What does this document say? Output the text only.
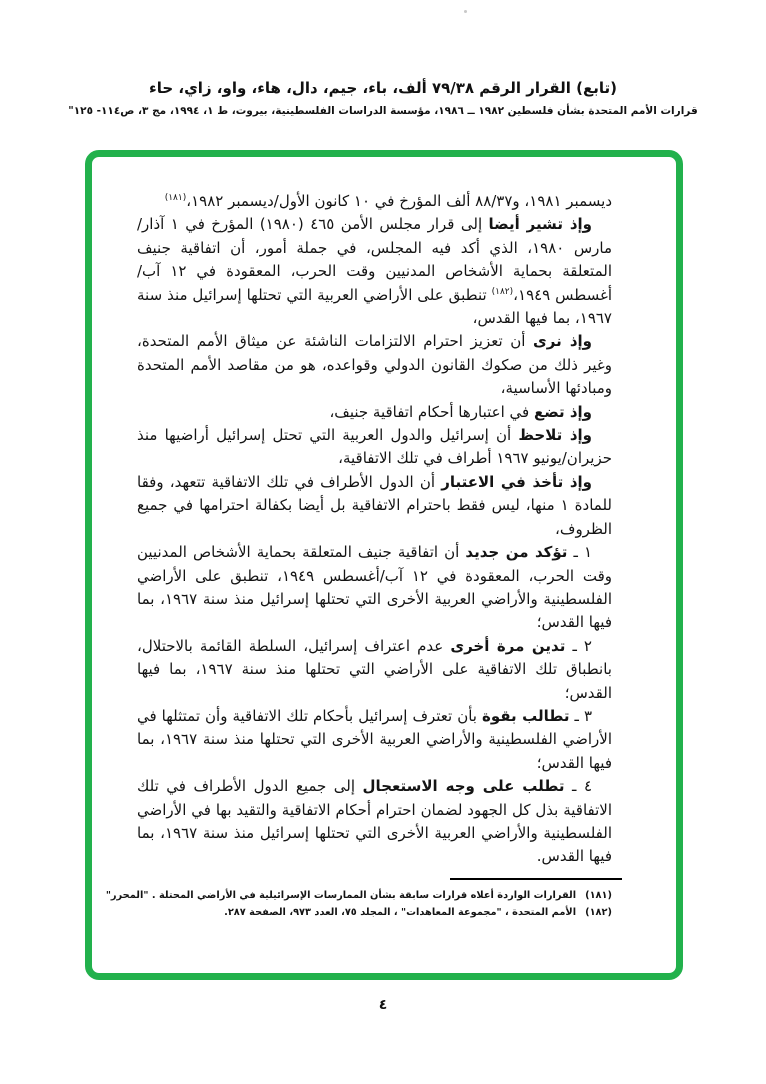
(تابع) القرار الرقم ٧٩/٣٨ ألف، باء، جيم، دال، هاء، واو، زاي، حاء
قرارات الأمم المتحدة بشأن فلسطين ١٩٨٢ ــ ١٩٨٦، مؤسسة الدراسات الفلسطينية، بيروت، ط ١، ١٩٩٤، مج ٣، ص١١٤- ١٢٥"

ديسمبر ١٩٨١، و٨٨/٣٧ ألف المؤرخ في ١٠ كانون الأول/ديسمبر ١٩٨٢،$^{(١٨١)}$

وإذ تشير أيضا إلى قرار مجلس الأمن ٤٦٥ (١٩٨٠) المؤرخ في ١ آذار/مارس ١٩٨٠، الذي أكد فيه المجلس، في جملة أمور، أن اتفاقية جنيف المتعلقة بحماية الأشخاص المدنيين وقت الحرب، المعقودة في ١٢ آب/أغسطس ١٩٤٩،$^{(١٨٢)}$ تنطبق على الأراضي العربية التي تحتلها إسرائيل منذ سنة ١٩٦٧، بما فيها القدس،

وإذ نرى أن تعزيز احترام الالتزامات الناشئة عن ميثاق الأمم المتحدة، وغير ذلك من صكوك القانون الدولي وقواعده، هو من مقاصد الأمم المتحدة ومبادئها الأساسية،

وإذ تضع في اعتبارها أحكام اتفاقية جنيف،

وإذ تلاحظ أن إسرائيل والدول العربية التي تحتل إسرائيل أراضيها منذ حزيران/يونيو ١٩٦٧ أطراف في تلك الاتفاقية،

وإذ تأخذ في الاعتبار أن الدول الأطراف في تلك الاتفاقية تتعهد، وفقا للمادة ١ منها، ليس فقط باحترام الاتفاقية بل أيضا بكفالة احترامها في جميع الظروف،

١ ـ تؤكد من جديد أن اتفاقية جنيف المتعلقة بحماية الأشخاص المدنيين وقت الحرب، المعقودة في ١٢ آب/أغسطس ١٩٤٩، تنطبق على الأراضي الفلسطينية والأراضي العربية الأخرى التي تحتلها إسرائيل منذ سنة ١٩٦٧، بما فيها القدس؛

٢ ـ تدين مرة أخرى عدم اعتراف إسرائيل، السلطة القائمة بالاحتلال، بانطباق تلك الاتفاقية على الأراضي التي تحتلها منذ سنة ١٩٦٧، بما فيها القدس؛

٣ ـ تطالب بقوة بأن تعترف إسرائيل بأحكام تلك الاتفاقية وأن تمتثلها في الأراضي الفلسطينية والأراضي العربية الأخرى التي تحتلها منذ سنة ١٩٦٧، بما فيها القدس؛

٤ ـ تطلب على وجه الاستعجال إلى جميع الدول الأطراف في تلك الاتفاقية بذل كل الجهود لضمان احترام أحكام الاتفاقية والتقيد بها في الأراضي الفلسطينية والأراضي العربية الأخرى التي تحتلها إسرائيل منذ سنة ١٩٦٧، بما فيها القدس.

(١٨١)القرارات الواردة أعلاه قرارات سابقة بشأن الممارسات الإسرائيلية في الأراضي المحتلة . "المحرر"
(١٨٢)الأمم المتحدة ، "مجموعة المعاهدات" ، المجلد ٧٥، العدد ٩٧٣، الصفحة ٢٨٧.
٤
